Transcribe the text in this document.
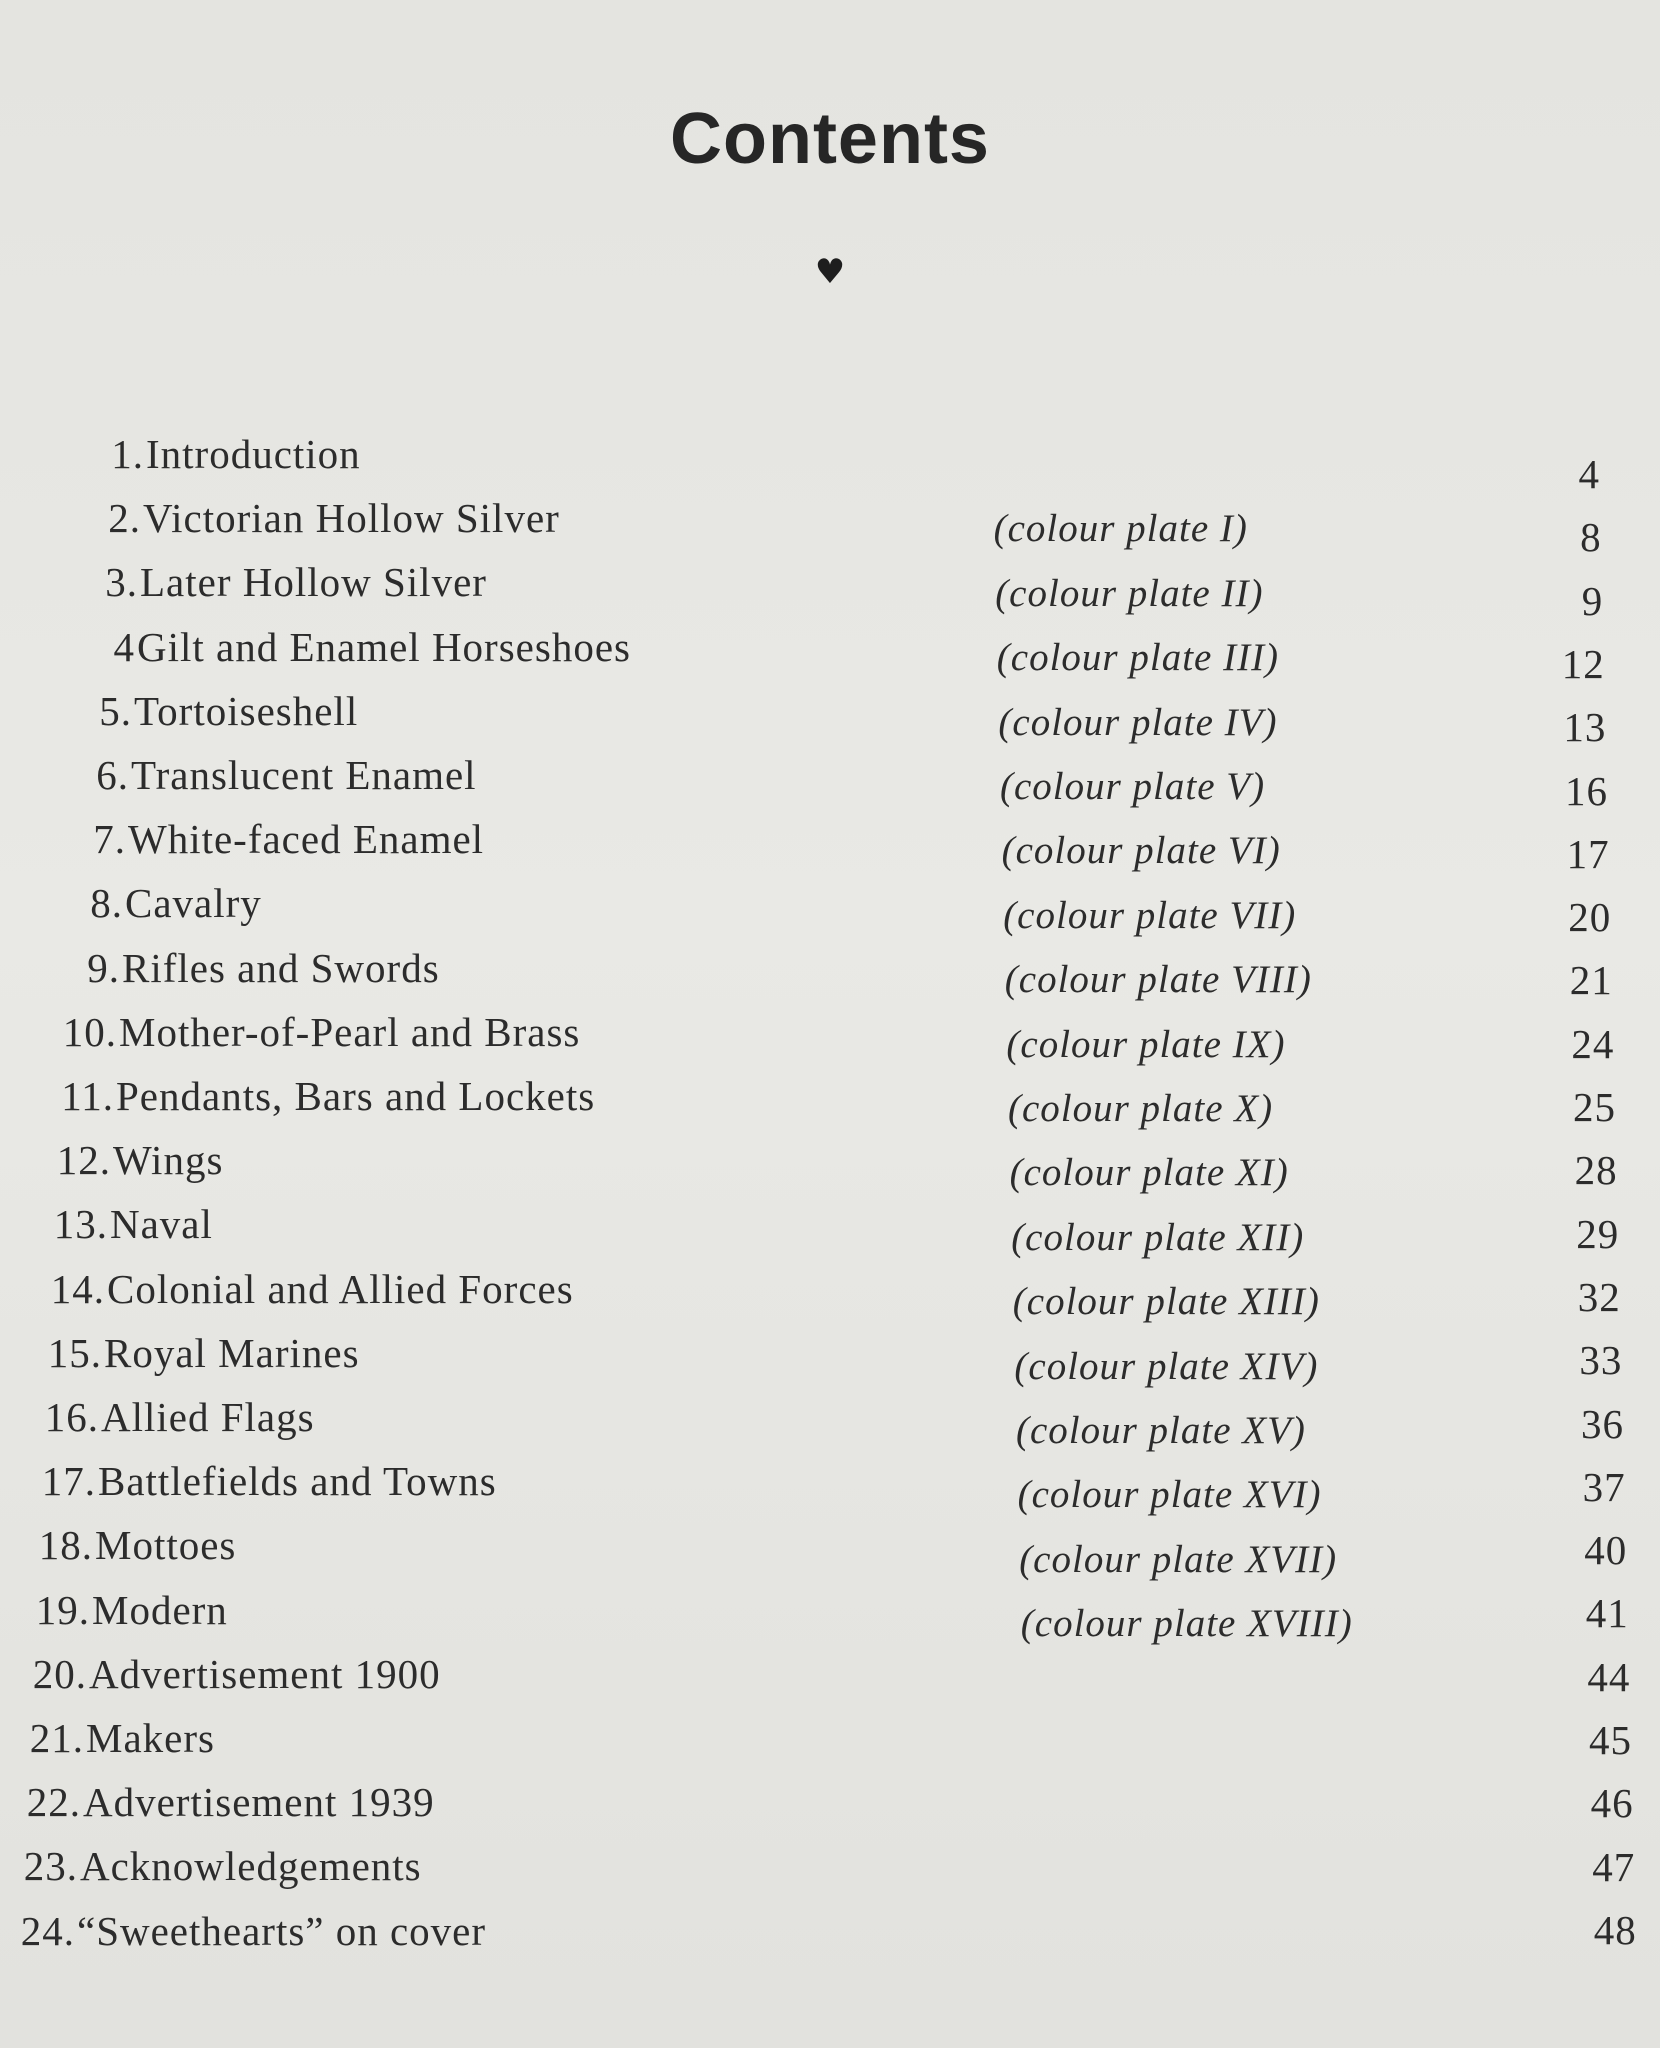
Contents
♥
1. Introduction	4
2. Victorian Hollow Silver	(colour plate I)	8
3. Later Hollow Silver	(colour plate II)	9
4 Gilt and Enamel Horseshoes	(colour plate III)	12
5. Tortoiseshell	(colour plate IV)	13
6. Translucent Enamel	(colour plate V)	16
7. White-faced Enamel	(colour plate VI)	17
8. Cavalry	(colour plate VII)	20
9. Rifles and Swords	(colour plate VIII)	21
10. Mother-of-Pearl and Brass	(colour plate IX)	24
11. Pendants, Bars and Lockets	(colour plate X)	25
12. Wings	(colour plate XI)	28
13. Naval	(colour plate XII)	29
14. Colonial and Allied Forces	(colour plate XIII)	32
15. Royal Marines	(colour plate XIV)	33
16. Allied Flags	(colour plate XV)	36
17. Battlefields and Towns	(colour plate XVI)	37
18. Mottoes	(colour plate XVII)	40
19. Modern	(colour plate XVIII)	41
20. Advertisement 1900	44
21. Makers	45
22. Advertisement 1939	46
23. Acknowledgements	47
24. “Sweethearts” on cover	48
